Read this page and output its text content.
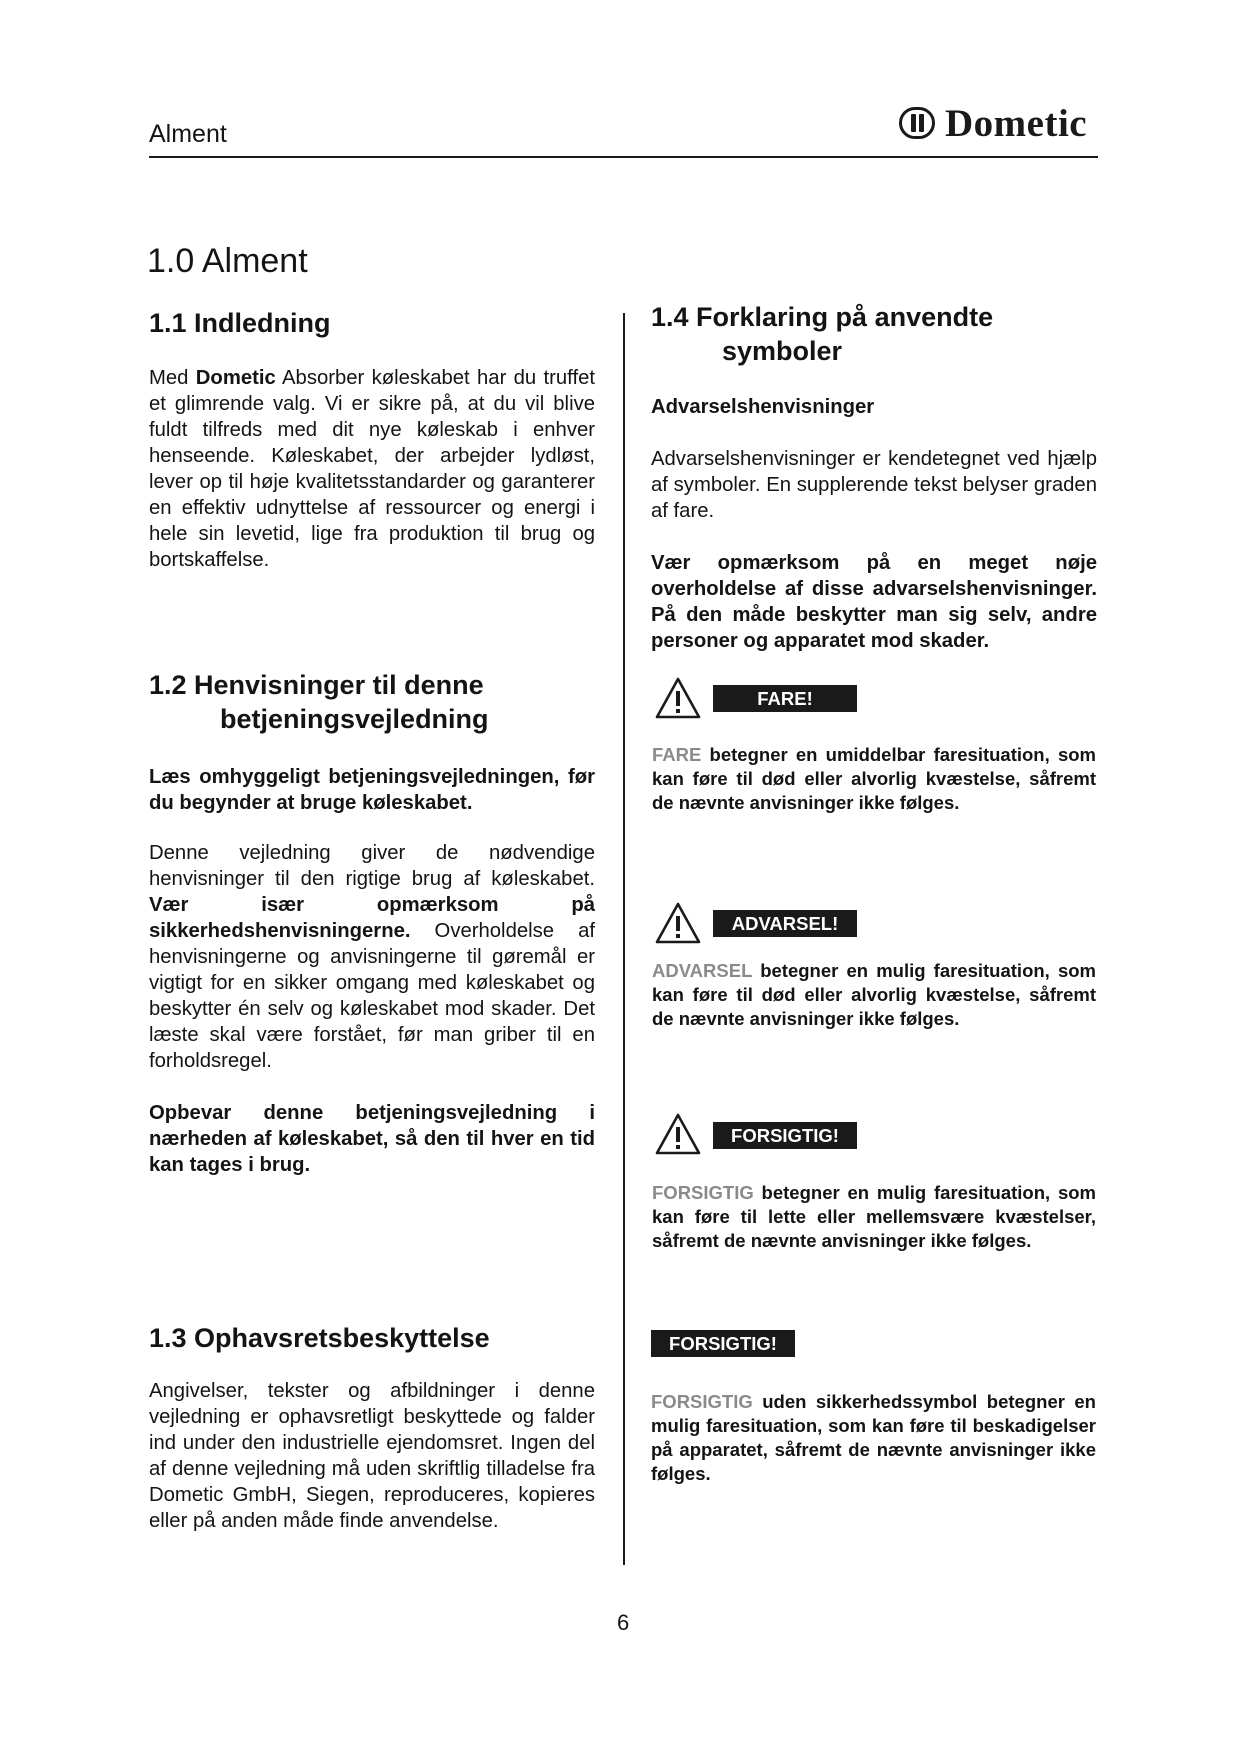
Alment	Dometic
1.0 Alment
1.1 Indledning
Med Dometic Absorber køleskabet har du truffet et glimrende valg. Vi er sikre på, at du vil blive fuldt tilfreds med dit nye køleskab i enhver henseende. Køleskabet, der arbejder lydløst, lever op til høje kvalitetsstandarder og garanterer en effektiv udnyttelse af ressourcer og energi i hele sin levetid, lige fra produktion til brug og bortskaffelse.
1.2 Henvisninger til denne
betjeningsvejledning
Læs omhyggeligt betjeningsvejledningen, før du begynder at bruge køleskabet.
Denne vejledning giver de nødvendige henvisninger til den rigtige brug af køleskabet. Vær især opmærksom på sikkerhedshenvisningerne. Overholdelse af henvisningerne og anvisningerne til gøremål er vigtigt for en sikker omgang med køleskabet og beskytter én selv og køleskabet mod skader. Det læste skal være forstået, før man griber til en forholdsregel.
Opbevar denne betjeningsvejledning i nærheden af køleskabet, så den til hver en tid kan tages i brug.
1.3 Ophavsretsbeskyttelse
Angivelser, tekster og afbildninger i denne vejledning er ophavsretligt beskyttede og falder ind under den industrielle ejendomsret. Ingen del af denne vejledning må uden skriftlig tilladelse fra Dometic GmbH, Siegen, reproduceres, kopieres eller på anden måde finde anvendelse.
1.4 Forklaring på anvendte
symboler
Advarselshenvisninger
Advarselshenvisninger er kendetegnet ved hjælp af symboler. En supplerende tekst belyser graden af fare.
Vær opmærksom på en meget nøje overholdelse af disse advarselshenvisninger. På den måde beskytter man sig selv, andre personer og apparatet mod skader.
FARE!
FARE betegner en umiddelbar faresituation, som kan føre til død eller alvorlig kvæstelse, såfremt de nævnte anvisninger ikke følges.
ADVARSEL!
ADVARSEL betegner en mulig faresituation, som kan føre til død eller alvorlig kvæstelse, såfremt de nævnte anvisninger ikke følges.
FORSIGTIG!
FORSIGTIG betegner en mulig faresituation, som kan føre til lette eller mellemsvære kvæstelser, såfremt de nævnte anvisninger ikke følges.
FORSIGTIG!
FORSIGTIG uden sikkerhedssymbol betegner en mulig faresituation, som kan føre til beskadigelser på apparatet, såfremt de nævnte anvisninger ikke følges.
6
